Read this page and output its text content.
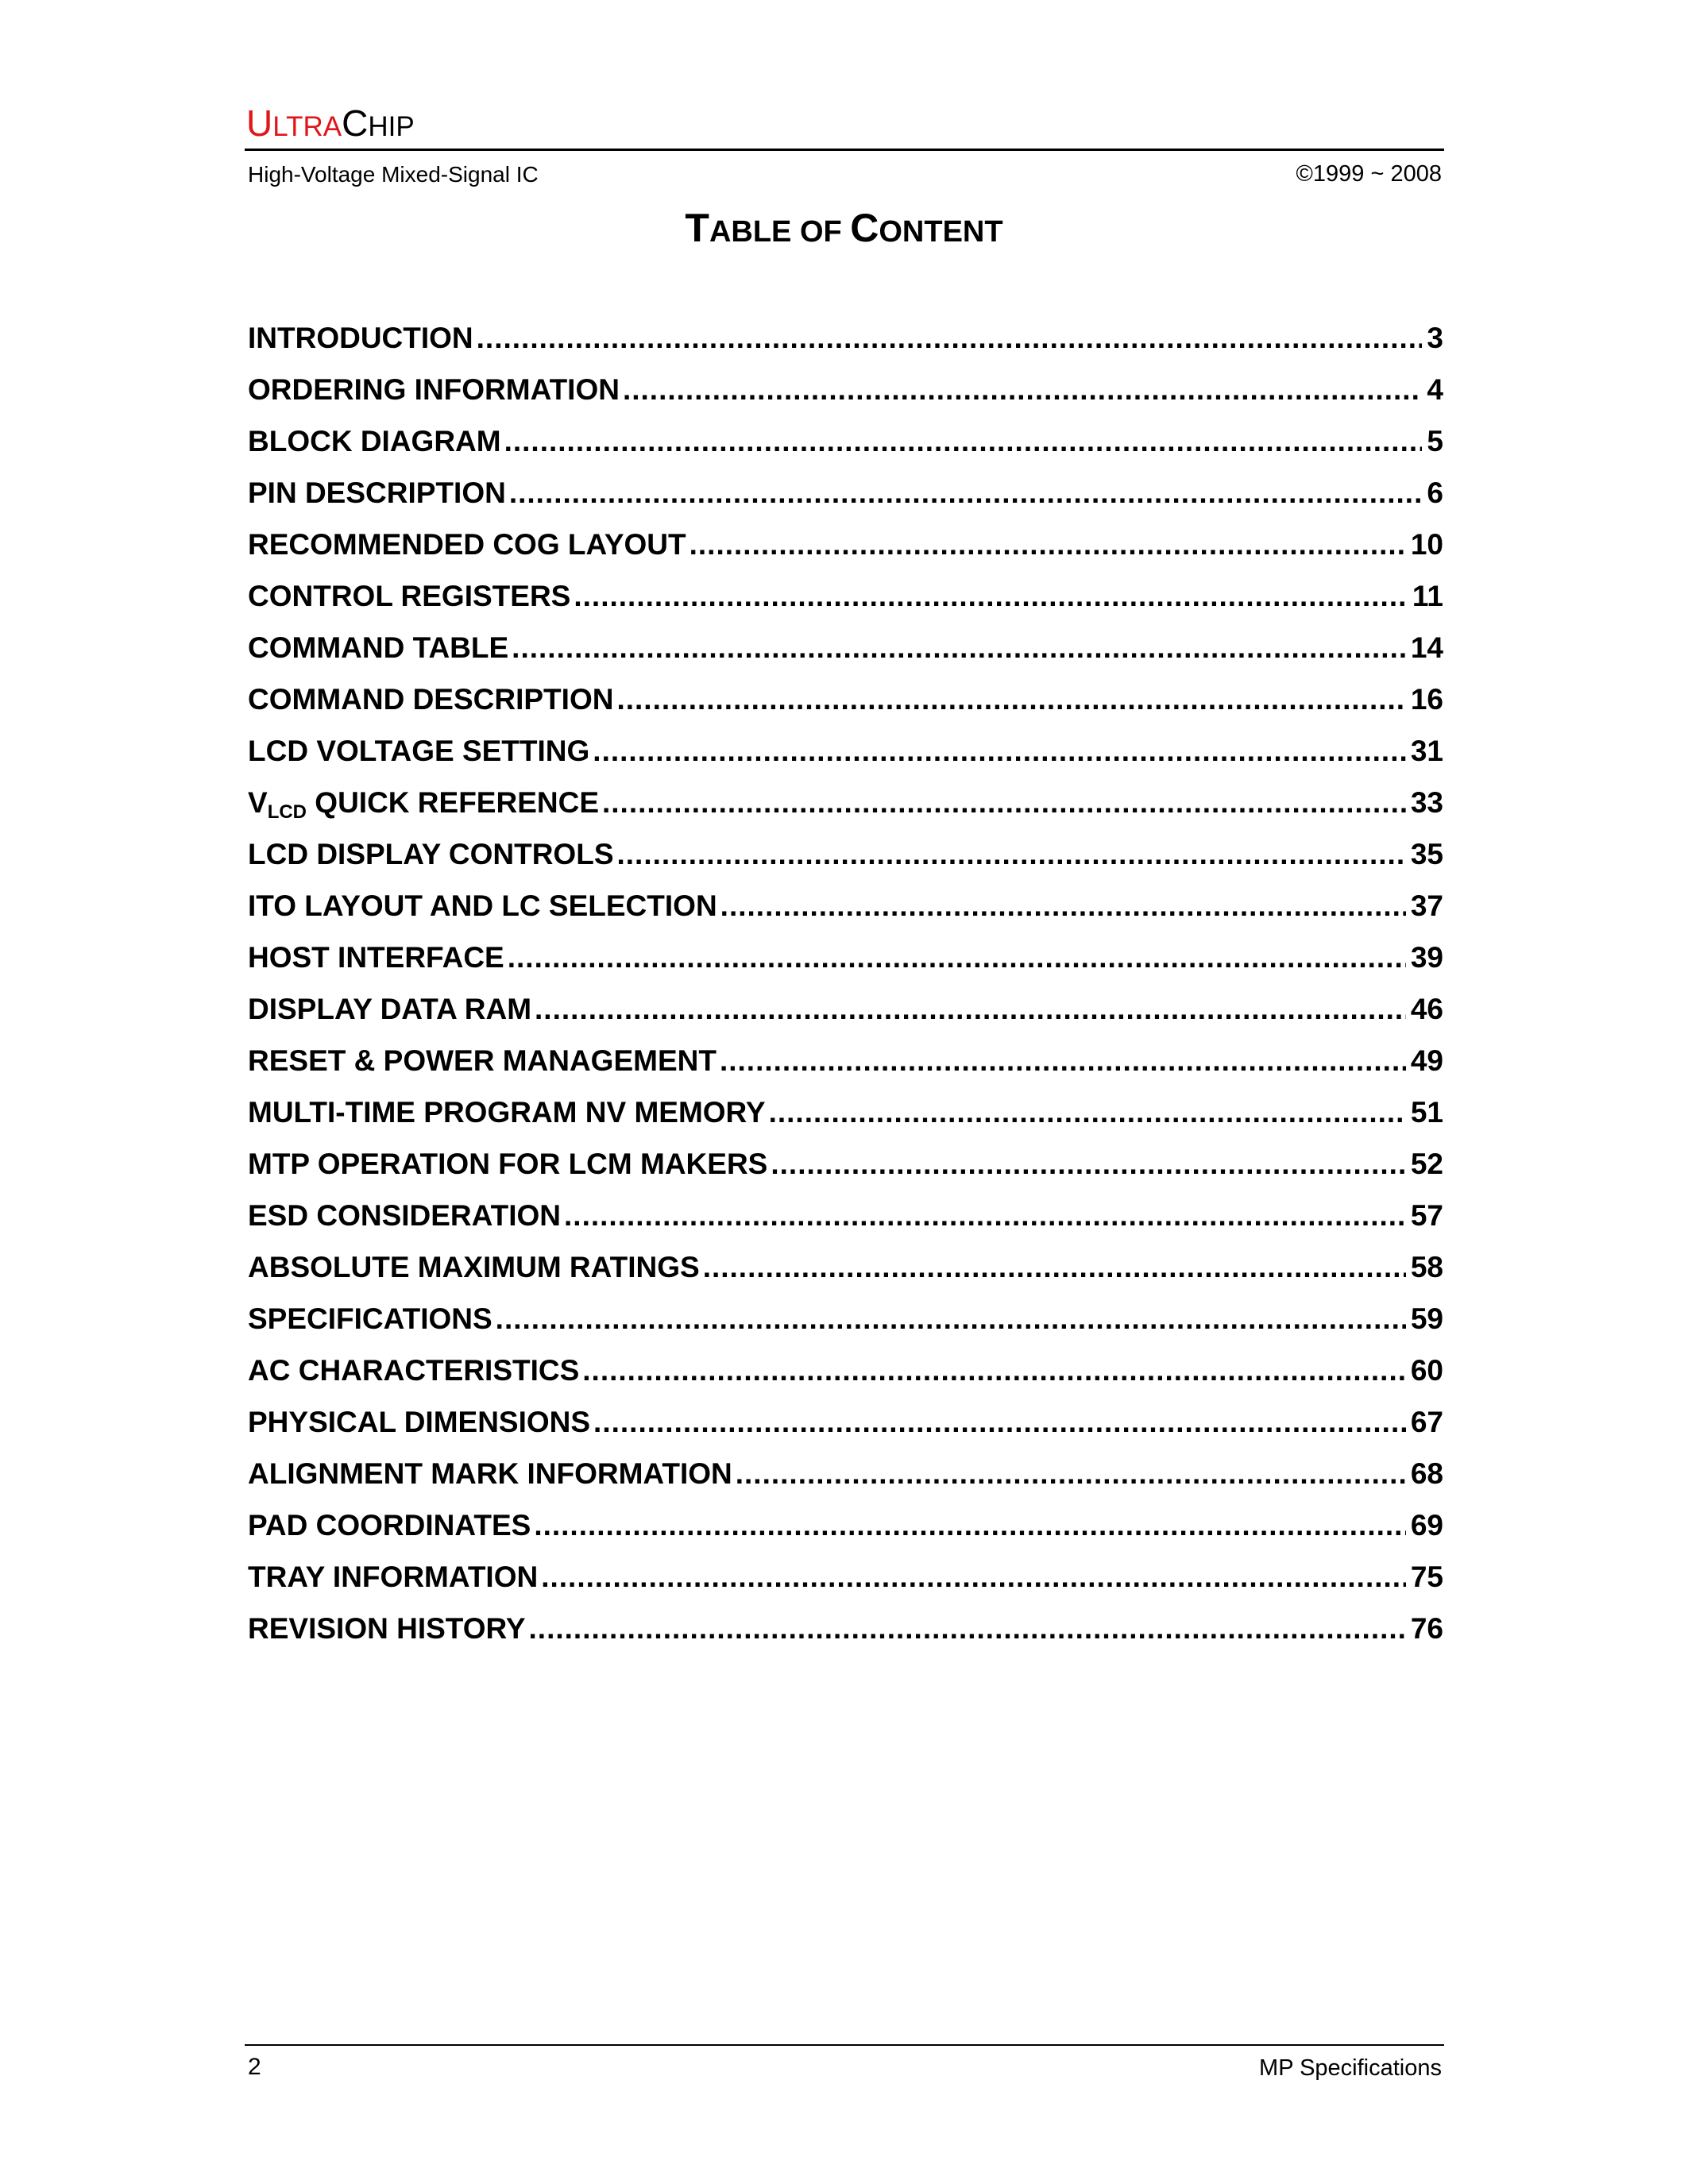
ULTRACHIP
High-Voltage Mixed-Signal IC	©1999 ~ 2008
TABLE OF CONTENT
INTRODUCTION .....	3
ORDERING INFORMATION .....	4
BLOCK DIAGRAM .....	5
PIN DESCRIPTION .....	6
RECOMMENDED COG LAYOUT .....	10
CONTROL REGISTERS .....	11
COMMAND TABLE .....	14
COMMAND DESCRIPTION .....	16
LCD VOLTAGE SETTING .....	31
$V_{LCD}$ QUICK REFERENCE .....	33
LCD DISPLAY CONTROLS .....	35
ITO LAYOUT AND LC SELECTION .....	37
HOST INTERFACE .....	39
DISPLAY DATA RAM .....	46
RESET & POWER MANAGEMENT .....	49
MULTI-TIME PROGRAM NV MEMORY .....	51
MTP OPERATION FOR LCM MAKERS .....	52
ESD CONSIDERATION .....	57
ABSOLUTE MAXIMUM RATINGS .....	58
SPECIFICATIONS .....	59
AC CHARACTERISTICS .....	60
PHYSICAL DIMENSIONS .....	67
ALIGNMENT MARK INFORMATION .....	68
PAD COORDINATES .....	69
TRAY INFORMATION .....	75
REVISION HISTORY .....	76
2	MP Specifications
